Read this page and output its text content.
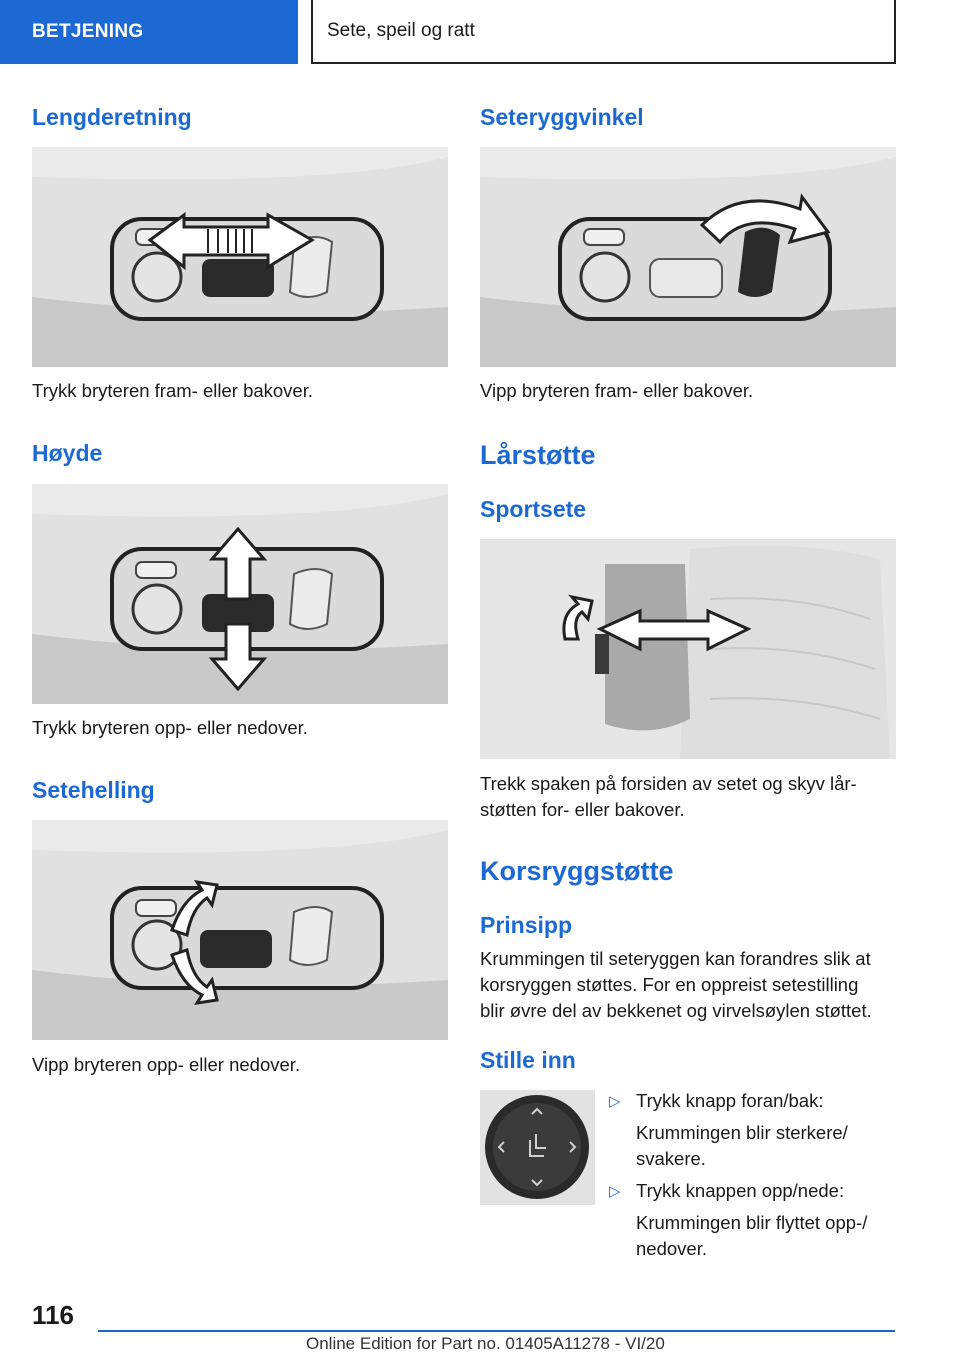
BETJENING	Sete, speil og ratt
Lengderetning
Trykk bryteren fram- eller bakover.
Høyde
Trykk bryteren opp- eller nedover.
Setehelling
Vipp bryteren opp- eller nedover.
Seteryggvinkel
Vipp bryteren fram- eller bakover.
Lårstøtte
Sportsete
Trekk spaken på forsiden av setet og skyv lår-
støtten for- eller bakover.
Korsryggstøtte
Prinsipp
Krummingen til seteryggen kan forandres slik at
korsryggen støttes. For en oppreist setestilling
blir øvre del av bekkenet og virvelsøylen støttet.
Stille inn
▷ Trykk knapp foran/bak:
Krummingen blir sterkere/
svakere.
▷ Trykk knappen opp/nede:
Krummingen blir flyttet opp-/
nedover.
116
Online Edition for Part no. 01405A11278 - VI/20
